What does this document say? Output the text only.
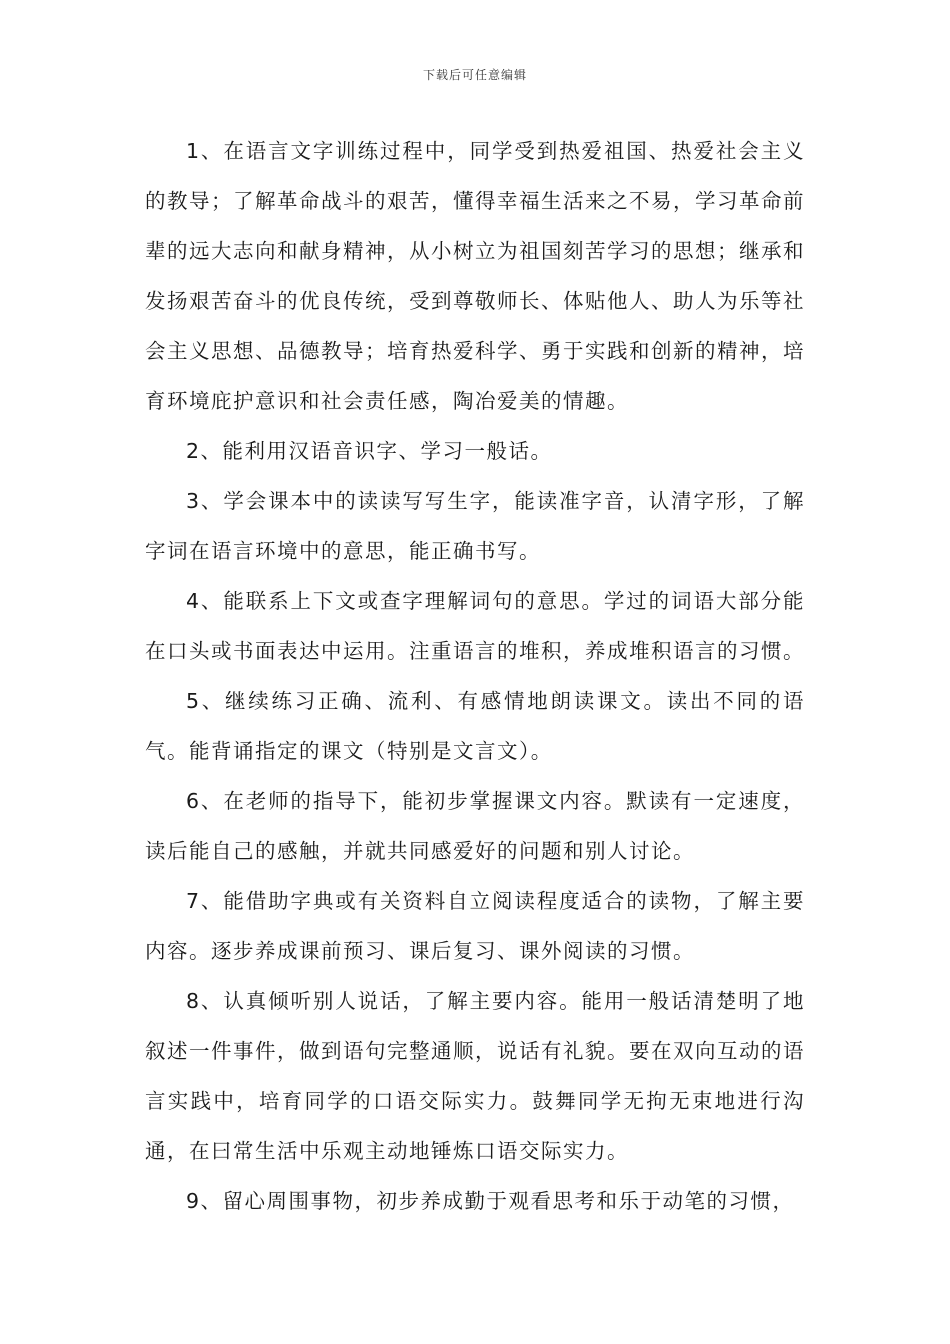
下载后可任意编辑

1、在语言文字训练过程中，同学受到热爱祖国、热爱社会主义的教导；了解革命战斗的艰苦，懂得幸福生活来之不易，学习革命前辈的远大志向和献身精神，从小树立为祖国刻苦学习的思想；继承和发扬艰苦奋斗的优良传统，受到尊敬师长、体贴他人、助人为乐等社会主义思想、品德教导；培育热爱科学、勇于实践和创新的精神，培育环境庇护意识和社会责任感，陶冶爱美的情趣。

2、能利用汉语音识字、学习一般话。

3、学会课本中的读读写写生字，能读准字音，认清字形，了解字词在语言环境中的意思，能正确书写。

4、能联系上下文或查字理解词句的意思。学过的词语大部分能在口头或书面表达中运用。注重语言的堆积，养成堆积语言的习惯。

5、继续练习正确、流利、有感情地朗读课文。读出不同的语气。能背诵指定的课文（特别是文言文）。

6、在老师的指导下，能初步掌握课文内容。默读有一定速度，读后能自己的感触，并就共同感爱好的问题和别人讨论。

7、能借助字典或有关资料自立阅读程度适合的读物，了解主要内容。逐步养成课前预习、课后复习、课外阅读的习惯。

8、认真倾听别人说话，了解主要内容。能用一般话清楚明了地叙述一件事件，做到语句完整通顺，说话有礼貌。要在双向互动的语言实践中，培育同学的口语交际实力。鼓舞同学无拘无束地进行沟通，在曰常生活中乐观主动地锤炼口语交际实力。

9、留心周围事物，初步养成勤于观看思考和乐于动笔的习惯，
